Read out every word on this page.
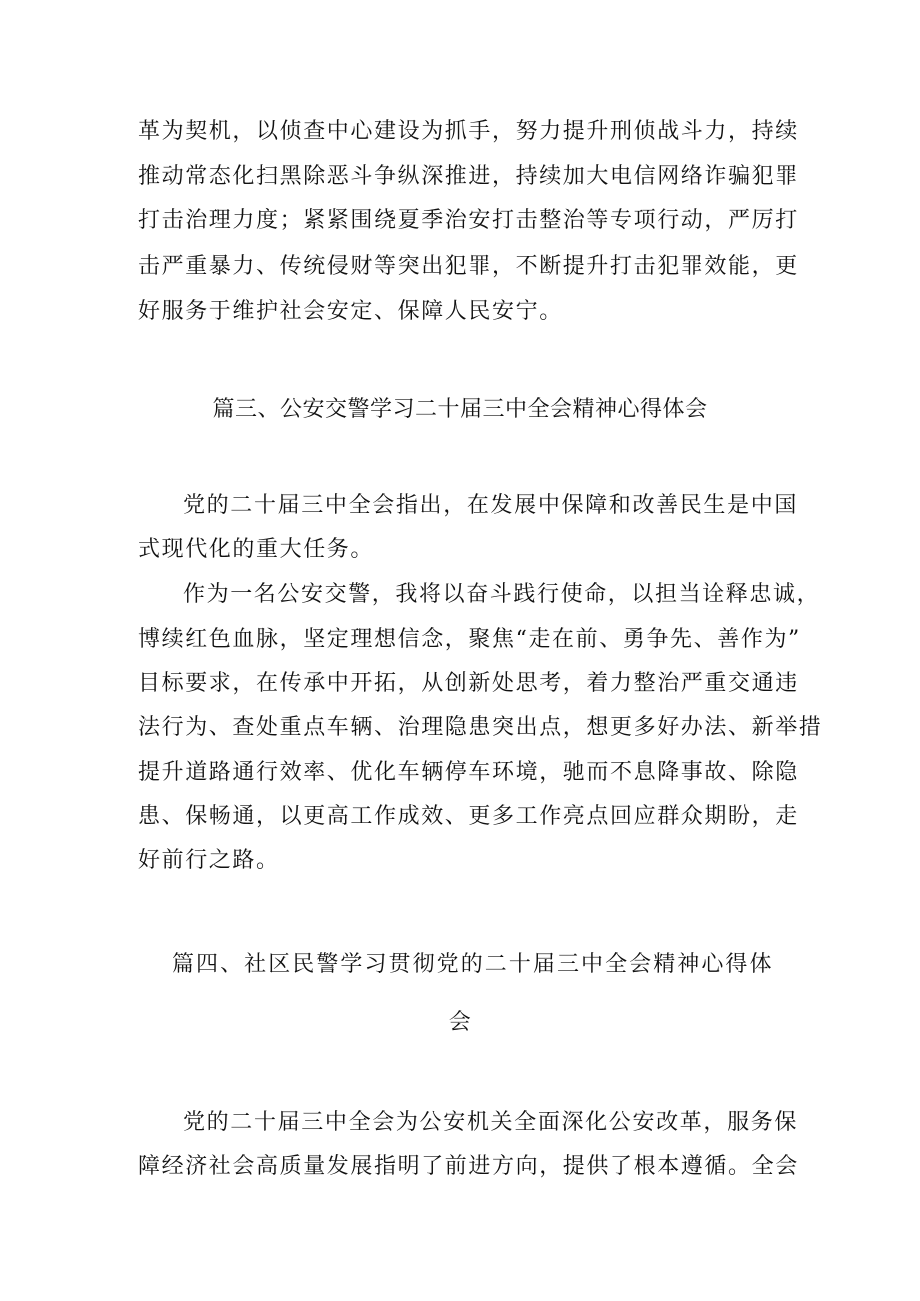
革为契机，以侦查中心建设为抓手，努力提升刑侦战斗力，持续
推动常态化扫黑除恶斗争纵深推进，持续加大电信网络诈骗犯罪
打击治理力度；紧紧围绕夏季治安打击整治等专项行动，严厉打
击严重暴力、传统侵财等突出犯罪，不断提升打击犯罪效能，更
好服务于维护社会安定、保障人民安宁。
篇三、公安交警学习二十届三中全会精神心得体会
党的二十届三中全会指出，在发展中保障和改善民生是中国
式现代化的重大任务。
作为一名公安交警，我将以奋斗践行使命，以担当诠释忠诚，
博续红色血脉，坚定理想信念，聚焦“走在前、勇争先、善作为”
目标要求，在传承中开拓，从创新处思考，着力整治严重交通违
法行为、查处重点车辆、治理隐患突出点，想更多好办法、新举措
提升道路通行效率、优化车辆停车环境，驰而不息降事故、除隐
患、保畅通，以更高工作成效、更多工作亮点回应群众期盼，走
好前行之路。
篇四、社区民警学习贯彻党的二十届三中全会精神心得体
会
党的二十届三中全会为公安机关全面深化公安改革，服务保
障经济社会高质量发展指明了前进方向，提供了根本遵循。全会
